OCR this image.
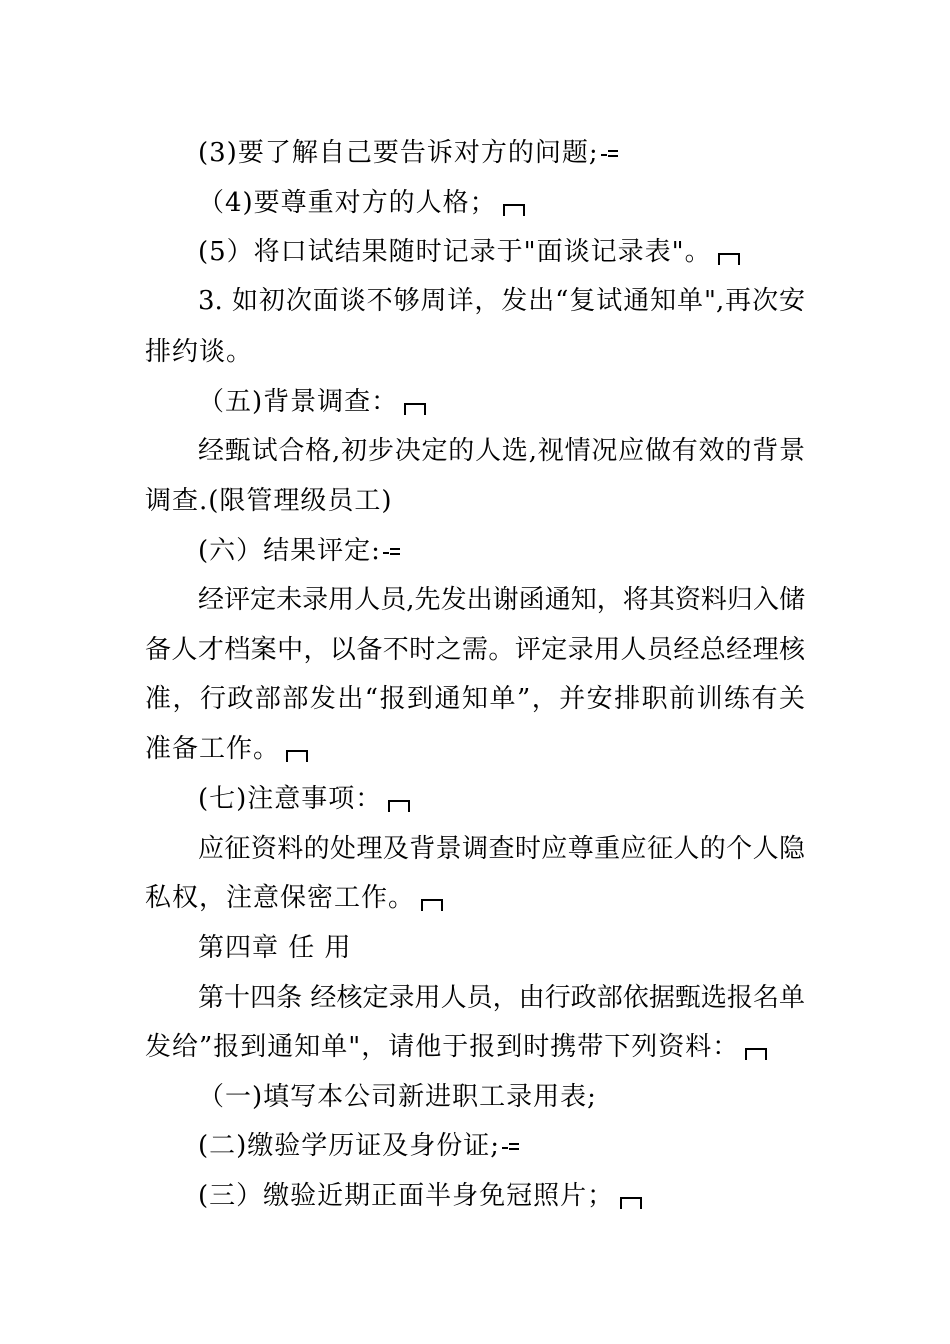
(3)要了解自己要告诉对方的问题;

（4)要尊重对方的人格；

(5）将口试结果随时记录于"面谈记录表"。

3. 如初次面谈不够周详，发出“复试通知单",再次安

排约谈。

（五)背景调查：

经甄试合格,初步决定的人选,视情况应做有效的背景

调查.(限管理级员工)

(六）结果评定:

经评定未录用人员,先发出谢函通知，将其资料归入储

备人才档案中，以备不时之需。评定录用人员经总经理核

准，行政部部发出“报到通知单”，并安排职前训练有关

准备工作。

(七)注意事项：

应征资料的处理及背景调查时应尊重应征人的个人隐

私权，注意保密工作。

第四章 任 用

第十四条 经核定录用人员，由行政部依据甄选报名单

发给”报到通知单"，请他于报到时携带下列资料：

（一)填写本公司新进职工录用表;

(二)缴验学历证及身份证;

(三）缴验近期正面半身免冠照片；
